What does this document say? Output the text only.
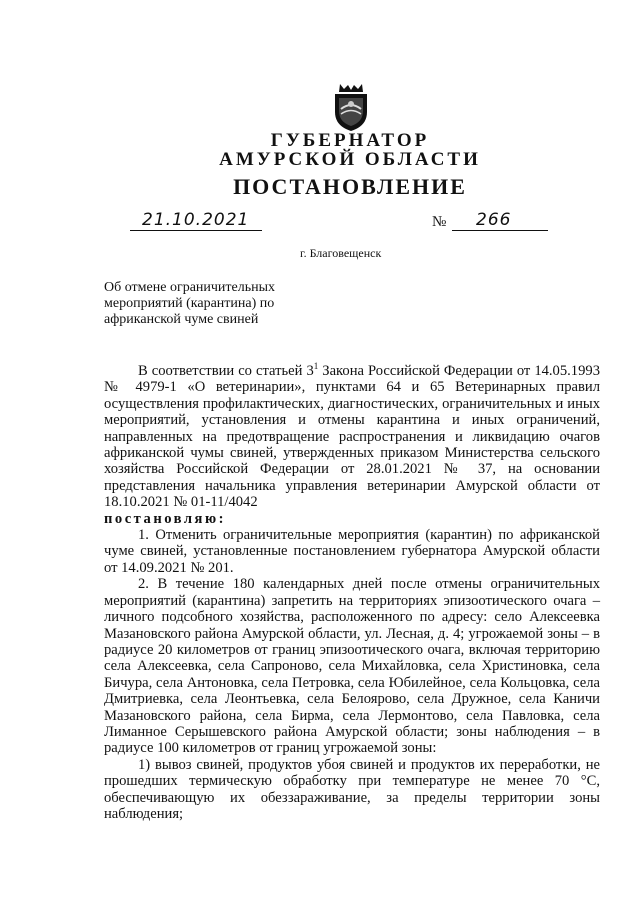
ГУБЕРНАТОР
АМУРСКОЙ ОБЛАСТИ
ПОСТАНОВЛЕНИЕ
21.10.2021	№	266
г. Благовещенск
Об отмене ограничительных мероприятий (карантина) по африканской чуме свиней

В соответствии со статьей $3^1$ Закона Российской Федерации от 14.05.1993 № 4979-1 «О ветеринарии», пунктами 64 и 65 Ветеринарных правил осуществления профилактических, диагностических, ограничительных и иных мероприятий, установления и отмены карантина и иных ограничений, направленных на предотвращение распространения и ликвидацию очагов африканской чумы свиней, утвержденных приказом Министерства сельского хозяйства Российской Федерации от 28.01.2021 № 37, на основании представления начальника управления ветеринарии Амурской области от 18.10.2021 № 01-11/4042

постановляю:

1. Отменить ограничительные мероприятия (карантин) по африканской чуме свиней, установленные постановлением губернатора Амурской области от 14.09.2021 № 201.

2. В течение 180 календарных дней после отмены ограничительных мероприятий (карантина) запретить на территориях эпизоотического очага – личного подсобного хозяйства, расположенного по адресу: село Алексеевка Мазановского района Амурской области, ул. Лесная, д. 4; угрожаемой зоны – в радиусе 20 километров от границ эпизоотического очага, включая территорию села Алексеевка, села Сапроново, села Михайловка, села Христиновка, села Бичура, села Антоновка, села Петровка, села Юбилейное, села Кольцовка, села Дмитриевка, села Леонтьевка, села Белоярово, села Дружное, села Каничи Мазановского района, села Бирма, села Лермонтово, села Павловка, села Лиманное Серышевского района Амурской области; зоны наблюдения – в радиусе 100 километров от границ угрожаемой зоны:

1) вывоз свиней, продуктов убоя свиней и продуктов их переработки, не прошедших термическую обработку при температуре не менее 70 °С, обеспечивающую их обеззараживание, за пределы территории зоны наблюдения;
